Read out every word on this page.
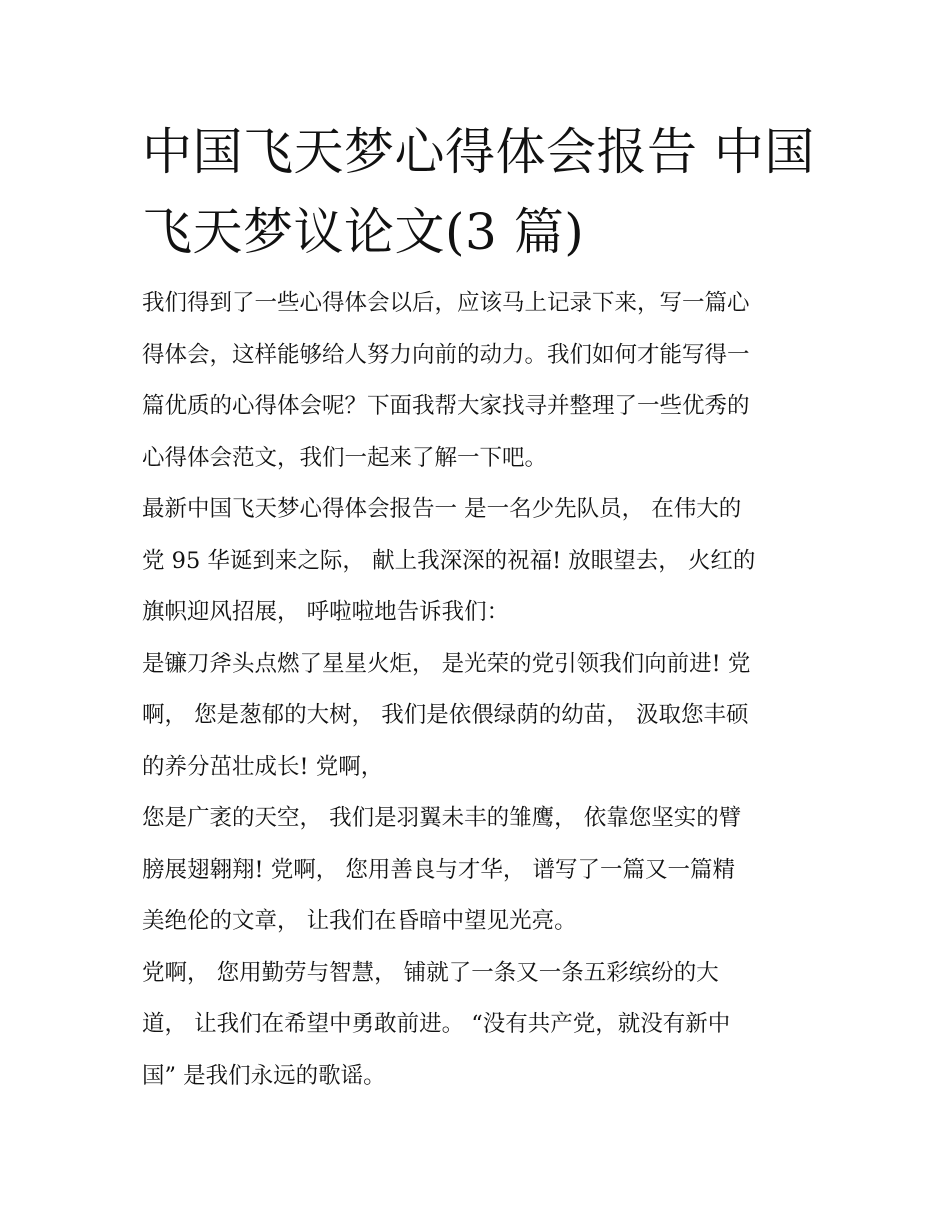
中国飞天梦心得体会报告 中国
飞天梦议论文(3 篇)

我们得到了一些心得体会以后，应该马上记录下来，写一篇心
得体会，这样能够给人努力向前的动力。我们如何才能写得一
篇优质的心得体会呢？下面我帮大家找寻并整理了一些优秀的
心得体会范文，我们一起来了解一下吧。

最新中国飞天梦心得体会报告一 是一名少先队员， 在伟大的
党 95 华诞到来之际， 献上我深深的祝福! 放眼望去， 火红的
旗帜迎风招展， 呼啦啦地告诉我们：

是镰刀斧头点燃了星星火炬， 是光荣的党引领我们向前进! 党
啊， 您是葱郁的大树， 我们是依偎绿荫的幼苗， 汲取您丰硕
的养分茁壮成长! 党啊，

您是广袤的天空， 我们是羽翼未丰的雏鹰， 依靠您坚实的臂
膀展翅翱翔! 党啊， 您用善良与才华， 谱写了一篇又一篇精
美绝伦的文章， 让我们在昏暗中望见光亮。

党啊， 您用勤劳与智慧， 铺就了一条又一条五彩缤纷的大
道， 让我们在希望中勇敢前进。 “没有共产党，就没有新中
国” 是我们永远的歌谣。
